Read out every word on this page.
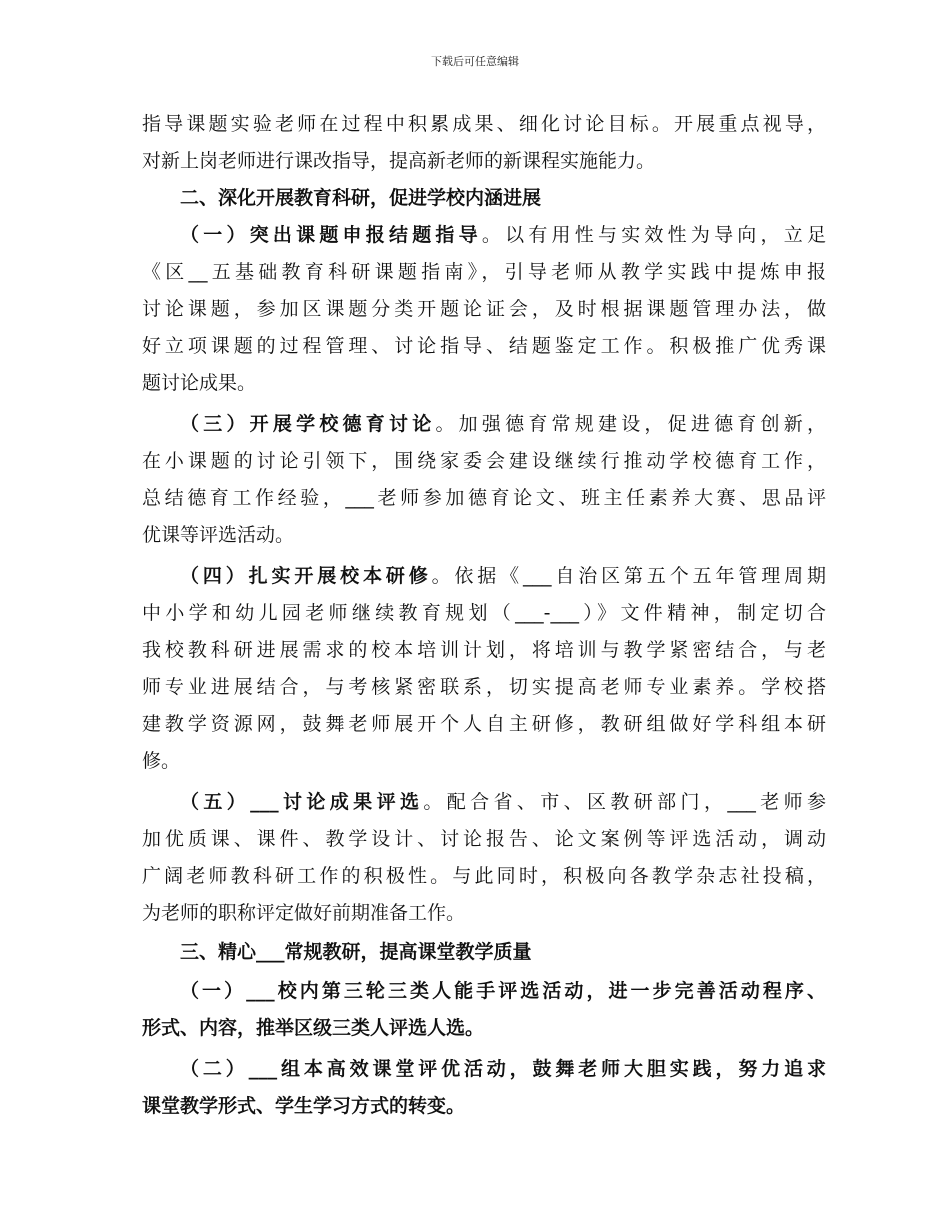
下载后可任意编辑
指导课题实验老师在过程中积累成果、细化讨论目标。开展重点视导，
对新上岗老师进行课改指导，提高新老师的新课程实施能力。
二、深化开展教育科研，促进学校内涵进展
（一）突出课题申报结题指导。以有用性与实效性为导向，立足
《区__五基础教育科研课题指南》，引导老师从教学实践中提炼申报
讨论课题，参加区课题分类开题论证会，及时根据课题管理办法，做
好立项课题的过程管理、讨论指导、结题鉴定工作。积极推广优秀课
题讨论成果。
（三）开展学校德育讨论。加强德育常规建设，促进德育创新，
在小课题的讨论引领下，围绕家委会建设继续行推动学校德育工作，
总结德育工作经验，___老师参加德育论文、班主任素养大赛、思品评
优课等评选活动。
（四）扎实开展校本研修。依据《___自治区第五个五年管理周期
中小学和幼儿园老师继续教育规划（___-___）》文件精神，制定切合
我校教科研进展需求的校本培训计划，将培训与教学紧密结合，与老
师专业进展结合，与考核紧密联系，切实提高老师专业素养。学校搭
建教学资源网，鼓舞老师展开个人自主研修，教研组做好学科组本研
修。
（五）___讨论成果评选。配合省、市、区教研部门，___老师参
加优质课、课件、教学设计、讨论报告、论文案例等评选活动，调动
广阔老师教科研工作的积极性。与此同时，积极向各教学杂志社投稿，
为老师的职称评定做好前期准备工作。
三、精心___常规教研，提高课堂教学质量
（一）___校内第三轮三类人能手评选活动，进一步完善活动程序、
形式、内容，推举区级三类人评选人选。
（二）___组本高效课堂评优活动，鼓舞老师大胆实践，努力追求
课堂教学形式、学生学习方式的转变。
